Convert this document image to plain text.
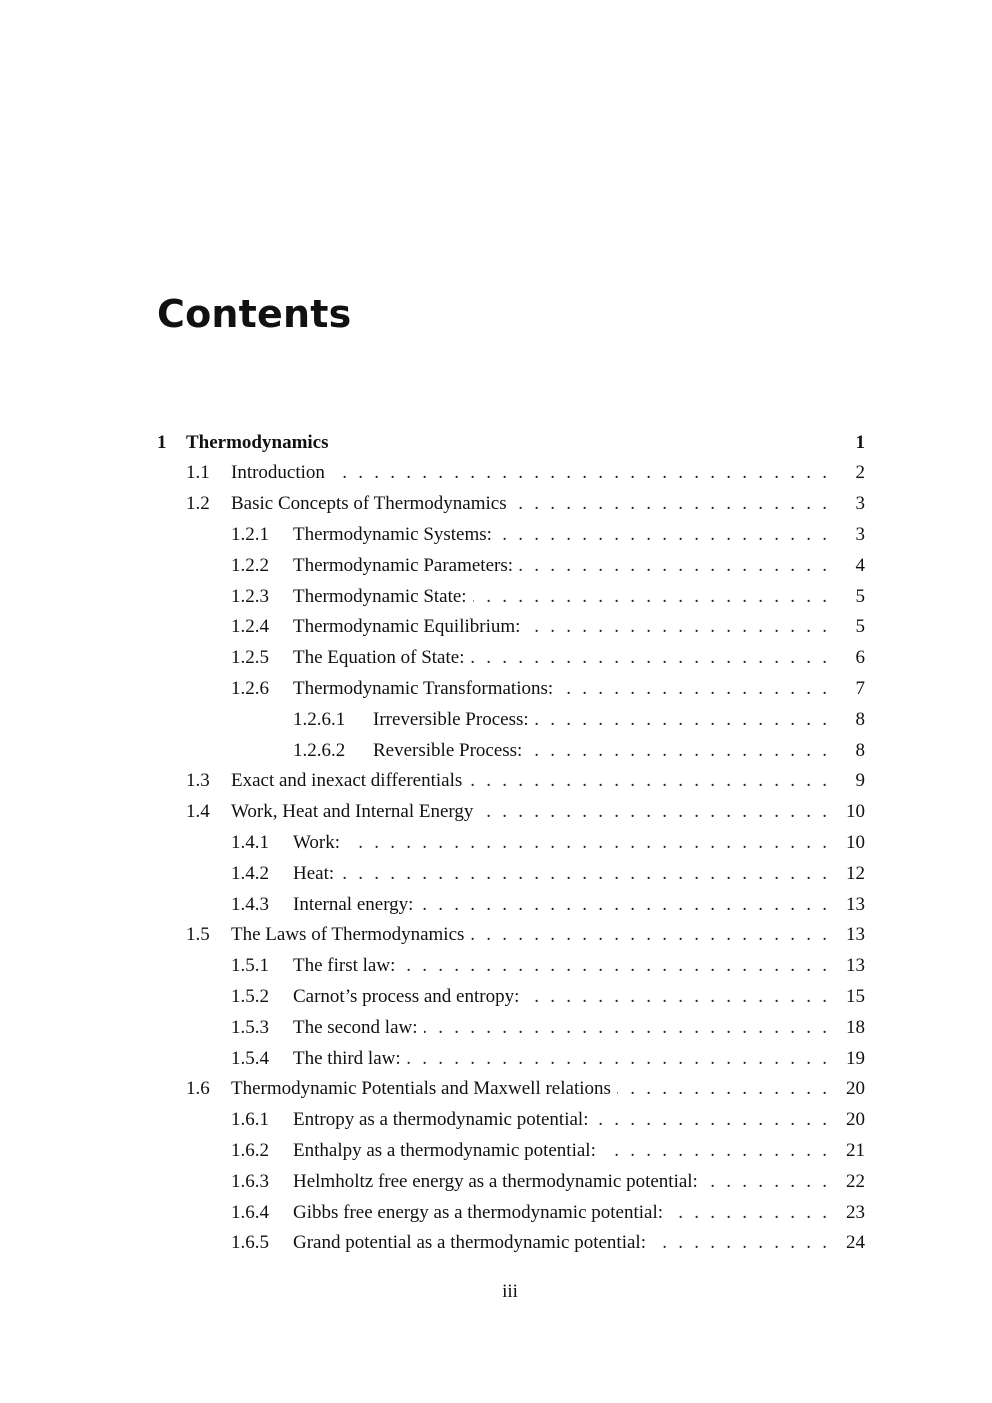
Contents
1	Thermodynamics	1
1.1	Introduction . . .	2
1.2	Basic Concepts of Thermodynamics . . .	3
1.2.1	Thermodynamic Systems: . . .	3
1.2.2	Thermodynamic Parameters: . . .	4
1.2.3	Thermodynamic State: . . .	5
1.2.4	Thermodynamic Equilibrium: . . .	5
1.2.5	The Equation of State: . . .	6
1.2.6	Thermodynamic Transformations: . . .	7
1.2.6.1	Irreversible Process: . . .	8
1.2.6.2	Reversible Process: . . .	8
1.3	Exact and inexact differentials . . .	9
1.4	Work, Heat and Internal Energy . . .	10
1.4.1	Work: . . .	10
1.4.2	Heat: . . .	12
1.4.3	Internal energy: . . .	13
1.5	The Laws of Thermodynamics . . .	13
1.5.1	The first law: . . .	13
1.5.2	Carnot’s process and entropy: . . .	15
1.5.3	The second law: . . .	18
1.5.4	The third law: . . .	19
1.6	Thermodynamic Potentials and Maxwell relations . . .	20
1.6.1	Entropy as a thermodynamic potential: . . .	20
1.6.2	Enthalpy as a thermodynamic potential: . . .	21
1.6.3	Helmholtz free energy as a thermodynamic potential: . . .	22
1.6.4	Gibbs free energy as a thermodynamic potential: . . .	23
1.6.5	Grand potential as a thermodynamic potential: . . .	24
iii
